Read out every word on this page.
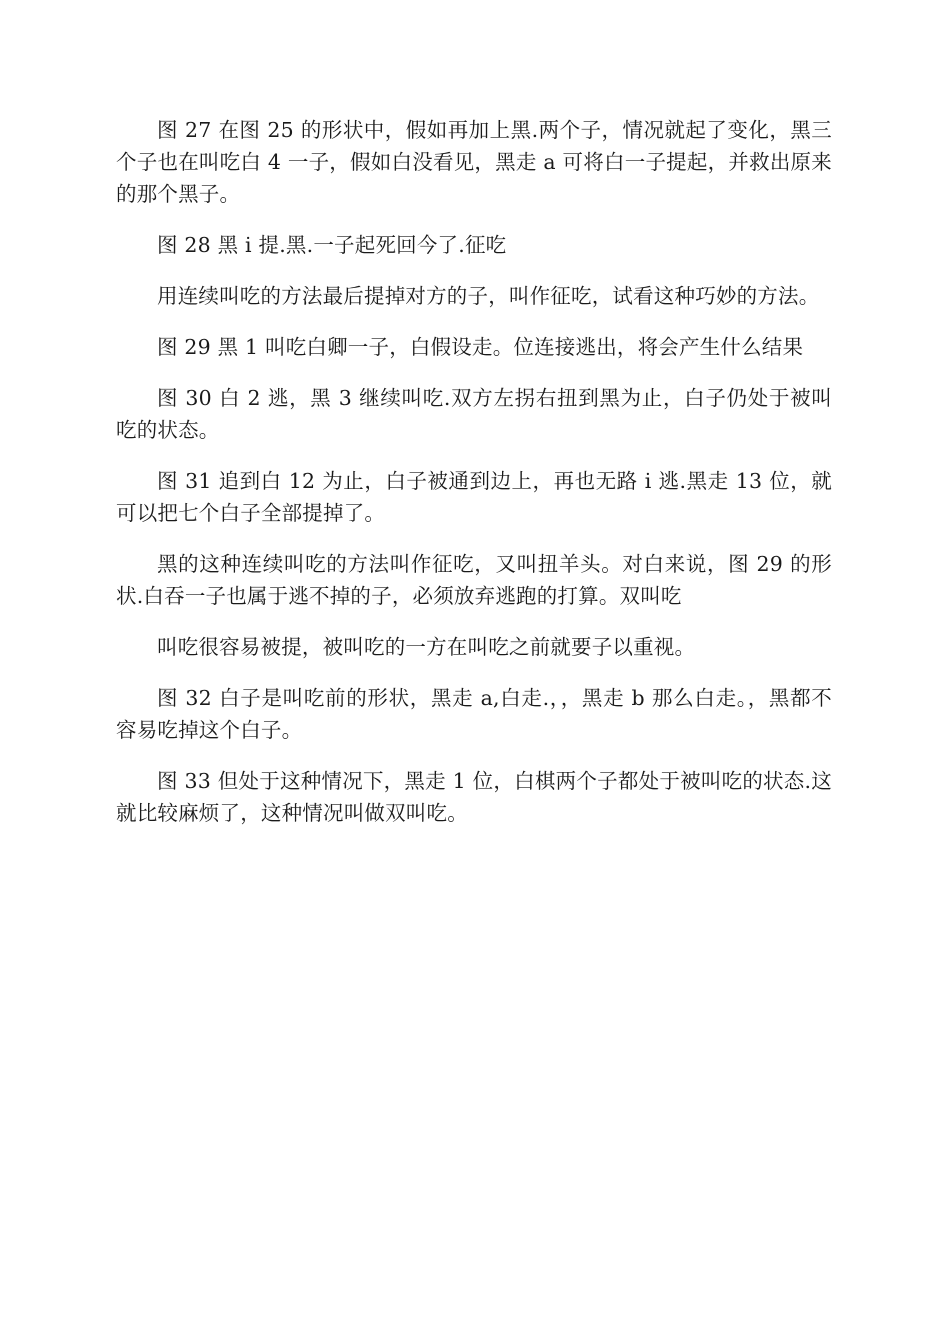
图 27 在图 25 的形状中，假如再加上黑.两个子，情况就起了变化，黑三个子也在叫吃白 4 一子，假如白没看见，黑走 a 可将白一子提起，并救出原来的那个黑子。

图 28 黑 i 提.黑.一子起死回今了.征吃

用连续叫吃的方法最后提掉对方的子，叫作征吃，试看这种巧妙的方法。

图 29 黑 1 叫吃白卿一子，白假设走。位连接逃出，将会产生什么结果

图 30 白 2 逃，黑 3 继续叫吃.双方左拐右扭到黑为止，白子仍处于被叫吃的状态。

图 31 追到白 12 为止，白子被通到边上，再也无路 i 逃.黑走 13 位，就可以把七个白子全部提掉了。

黑的这种连续叫吃的方法叫作征吃，又叫扭羊头。对白来说，图 29 的形状.白吞一子也属于逃不掉的子，必须放弃逃跑的打算。双叫吃

叫吃很容易被提，被叫吃的一方在叫吃之前就要子以重视。

图 32 白子是叫吃前的形状，黑走 a,白走.，，黑走 b 那么白走。，黑都不容易吃掉这个白子。

图 33 但处于这种情况下，黑走 1 位，白棋两个子都处于被叫吃的状态.这就比较麻烦了，这种情况叫做双叫吃。
